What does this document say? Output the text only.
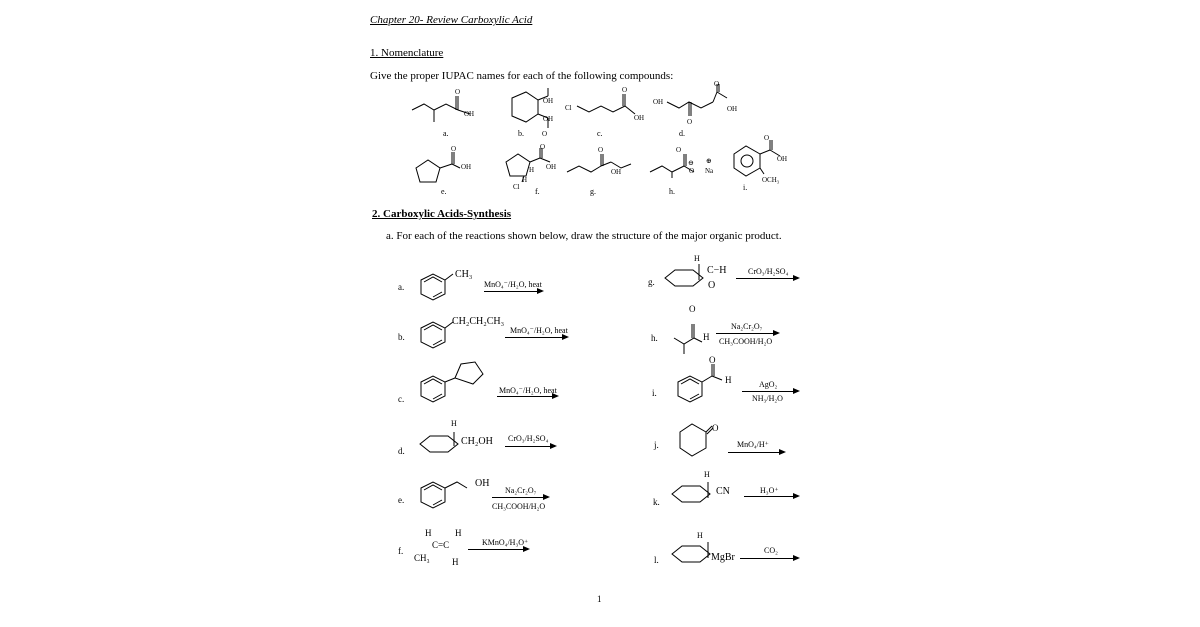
Chapter 20- Review Carboxylic Acid
1. Nomenclature
Give the proper IUPAC names for each of the following compounds:
O
OH
a.
OH
OH
b.	O
Cl
O
OH
c.
OH
O
OH
O
d.
O
OH
e.
O
OH
H
H
Cl f.
O
OH
g.
O
O
⊖ ⊕
Na
h.
O
OH
OCH₃
i.
2. Carboxylic Acids-Synthesis
a. For each of the reactions shown below, draw the structure of the major organic product.
a.
CH₃
MnO₄⁻/H₂O, heat
b.
CH₂CH₂CH₃
MnO₄⁻/H₂O, heat
c.
MnO₄⁻/H₂O, heat
d.
H
CH₂OH CrO₃/H₂SO₄
e.
OH
Na₂Cr₂O₇
CH₃COOH/H₂O
f.
H	H
C=C
CH₃ H
KMnO₄/H₃O⁺
g.
H
C−H
O
CrO₃/H₂SO₄
h.
O
H
Na₂Cr₂O₇
CH₃COOH/H₂O
i.
O
H	AgO₂
NH₃/H₂O
j.
O
MnO₄/H⁺
k.
H
CN	H₃O⁺
l.
H
MgBr
CO₂
1
